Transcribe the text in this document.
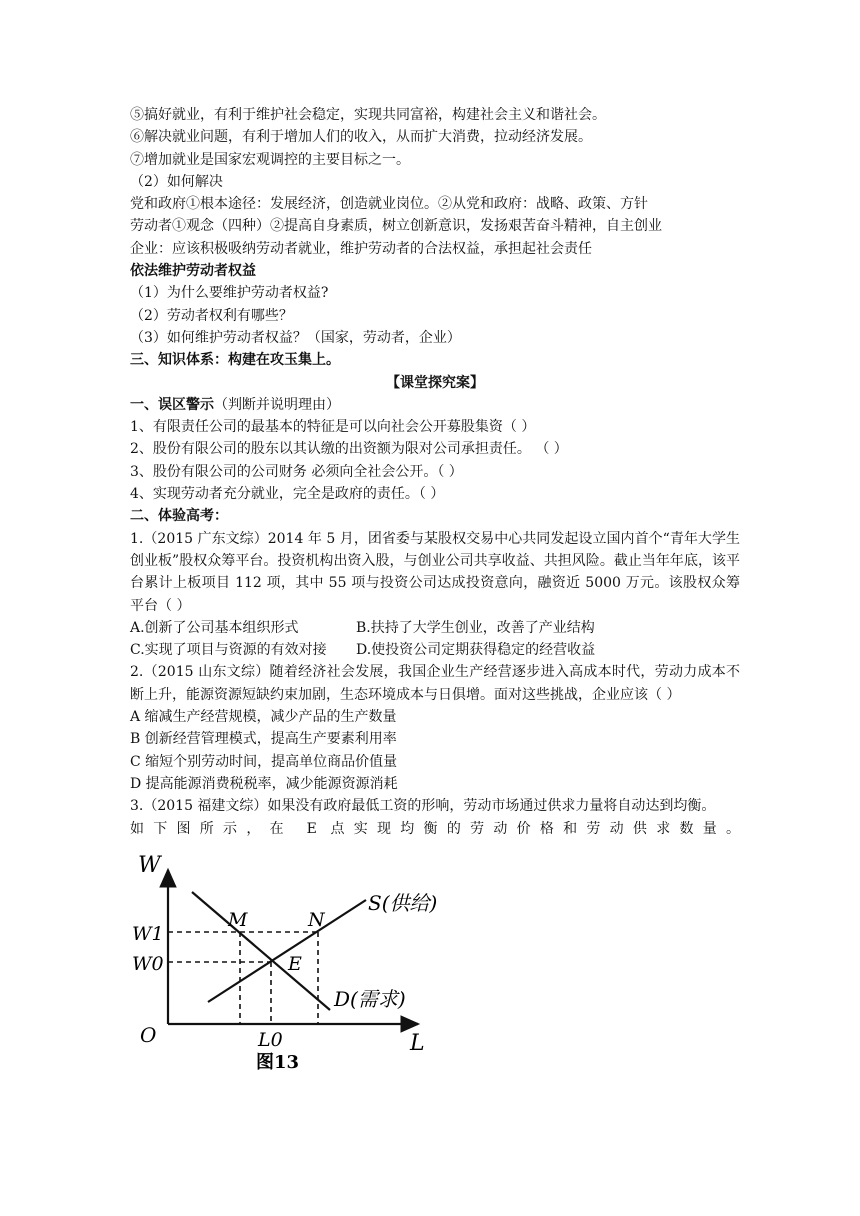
⑤搞好就业，有利于维护社会稳定，实现共同富裕，构建社会主义和谐社会。
⑥解决就业问题，有利于增加人们的收入，从而扩大消费，拉动经济发展。
⑦增加就业是国家宏观调控的主要目标之一。
（2）如何解决
党和政府①根本途径：发展经济，创造就业岗位。②从党和政府：战略、政策、方针
劳动者①观念（四种）②提高自身素质，树立创新意识，发扬艰苦奋斗精神，自主创业
企业：应该积极吸纳劳动者就业，维护劳动者的合法权益，承担起社会责任
依法维护劳动者权益
（1）为什么要维护劳动者权益?
（2）劳动者权利有哪些？
（3）如何维护劳动者权益？（国家，劳动者，企业）
三、知识体系：构建在攻玉集上。
【课堂探究案】
一、误区警示（判断并说明理由）
1、有限责任公司的最基本的特征是可以向社会公开募股集资（ ）
2、股份有限公司的股东以其认缴的出资额为限对公司承担责任。 （ ）
3、股份有限公司的公司财务 必须向全社会公开。（ ）
4、实现劳动者充分就业，完全是政府的责任。（ ）
二、体验高考：
1.（2015 广东文综）2014 年 5 月，团省委与某股权交易中心共同发起设立国内首个“青年大学生创业板”股权众筹平台。投资机构出资入股，与创业公司共享收益、共担风险。截止当年年底，该平台累计上板项目 112 项，其中 55 项与投资公司达成投资意向，融资近 5000 万元。该股权众筹平台（ ）
A.创新了公司基本组织形式	B.扶持了大学生创业，改善了产业结构
C.实现了项目与资源的有效对接	D.使投资公司定期获得稳定的经营收益
2.（2015 山东文综）随着经济社会发展，我国企业生产经营逐步进入高成本时代，劳动力成本不断上升，能源资源短缺约束加剧，生态环境成本与日俱增。面对这些挑战，企业应该（ ）
A 缩减生产经营规模，减少产品的生产数量
B 创新经营管理模式，提高生产要素利用率
C 缩短个别劳动时间，提高单位商品价值量
D 提高能源消费税税率，减少能源资源消耗
3.（2015 福建文综）如果没有政府最低工资的形响，劳动市场通过供求力量将自动达到均衡。
如下图所示，在 E 点实现均衡的劳动价格和劳动供求数量。
W
L
O
W1
W0
L0
M	N
E
S(供给)
D(需求)
图13
